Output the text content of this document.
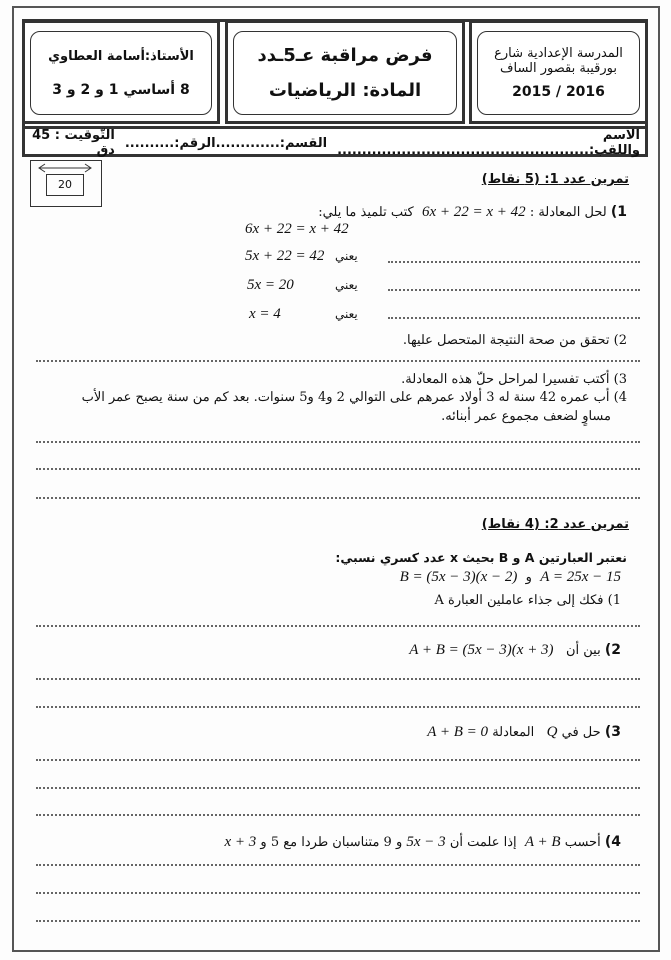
المدرسة الإعدادية شارع
بورقيبة بقصور الساف
2016 / 2015
فرض مراقبة عـ5ـدد
المادة: الرياضيات
الأستاذ:أسامة العطاوي
8 أساسي 1 و 2 و 3
الاسم واللقب:...................................................
القسم:.............
الرقم:..........
التّوقيت : 45 دق
20	تمرين عدد 1: (5 نقاط)
1) لحل المعادلة : 6x + 22 = x + 42  كتب تلميذ ما يلي:
6x + 22 = x + 42
5x + 22 = 42 يعني
5x = 20	يعني
x = 4	يعني
2) تحقق من صحة النتيجة المتحصل عليها.
3) أكتب تفسيرا لمراحل حلّ هذه المعادلة.
4) أب عمره 42 سنة له 3 أولاد عمرهم على التوالي 2 و4 و5 سنوات. بعد كم من سنة يصبح عمر الأب
مساوٍ لضعف مجموع عمر أبنائه.
تمرين عدد 2: (4 نقاط)
نعتبر العبارتين A و B بحيث x عدد كسري نسبي:
A = 25x − 15  و  B = (5x − 3)(x − 2)
1) فكك إلى جذاء عاملين العبارة A
2) بين أن   A + B = (5x − 3)(x + 3)
3) حل في Q   المعادلة A + B = 0
4) أحسب A + B  إذا علمت أن 5x − 3 و 9 متناسبان طردا مع 5 و x + 3
